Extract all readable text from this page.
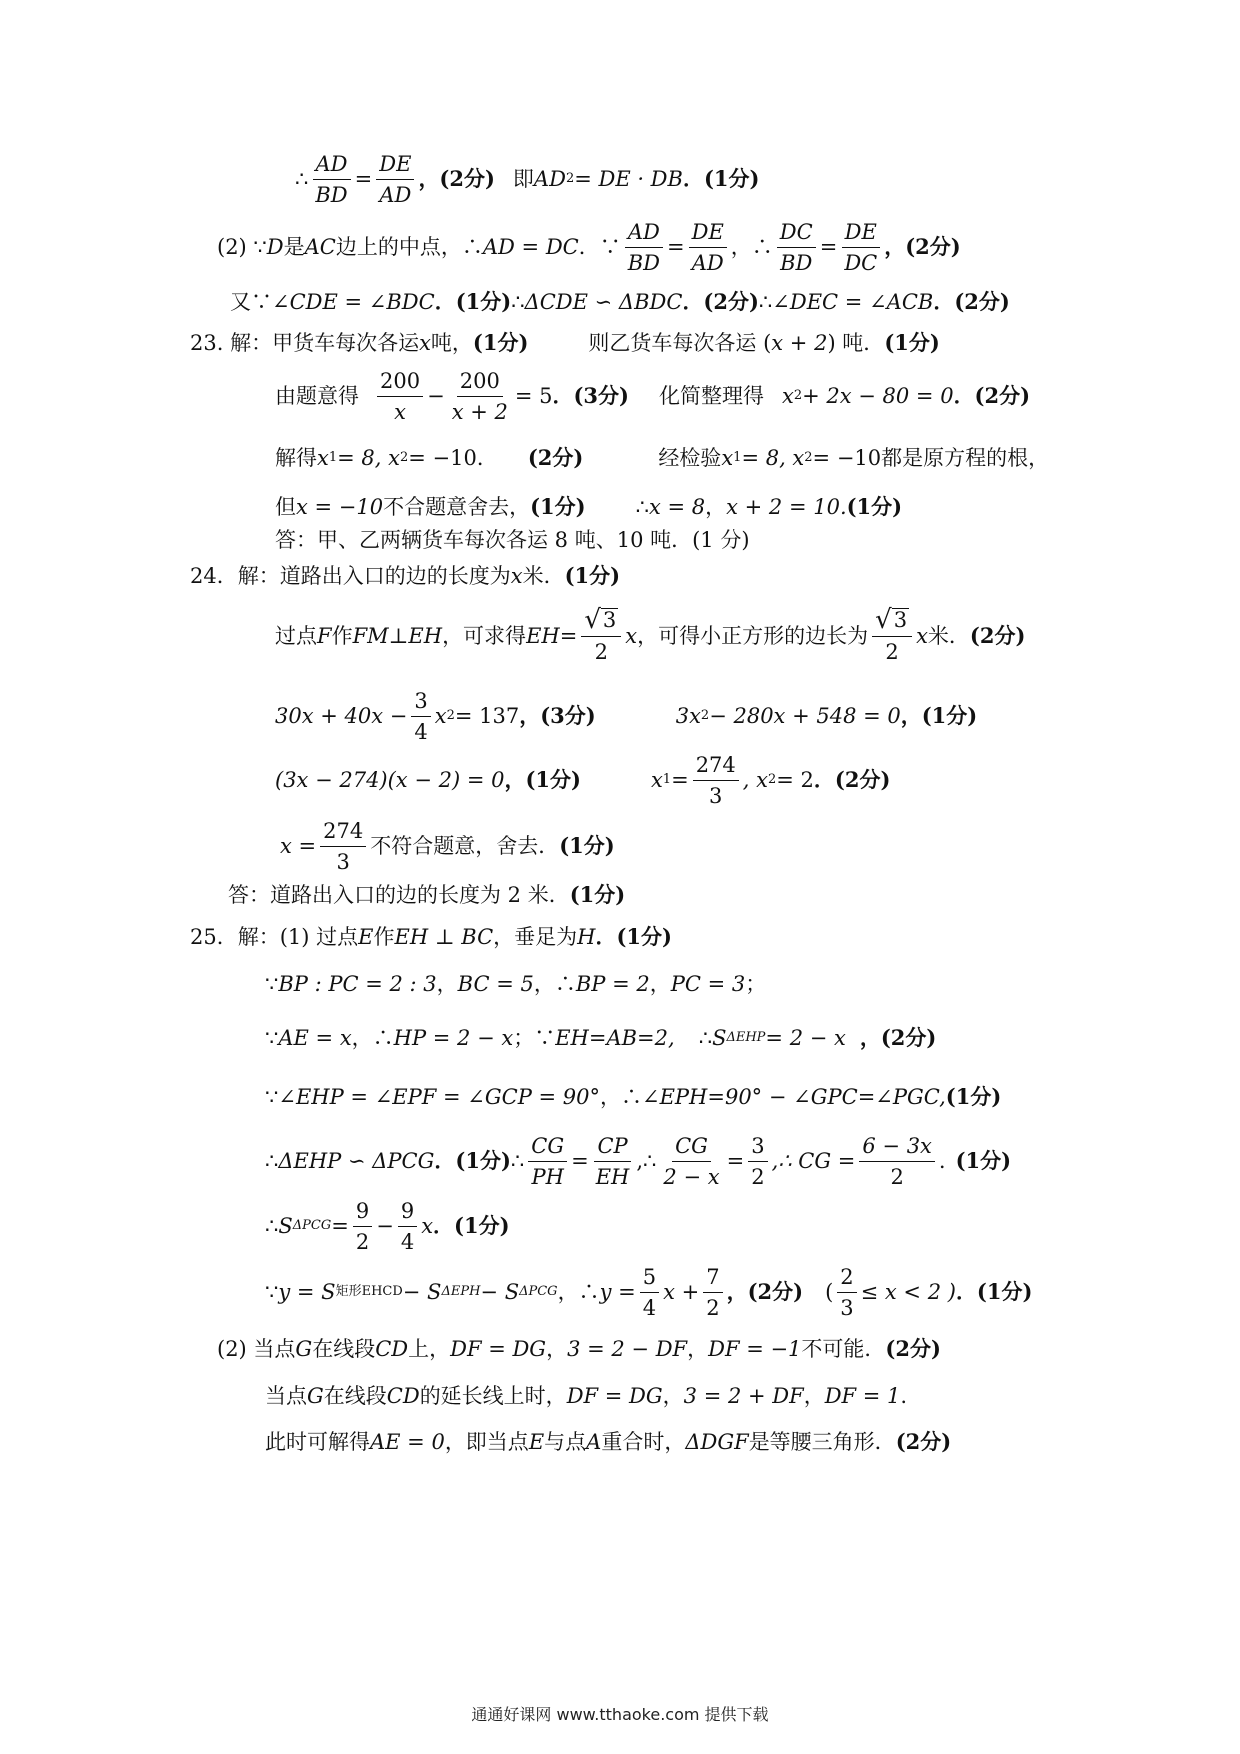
∴ $\frac{AD}{BD} = \frac{DE}{AD}$ ，(2分) 即 AD 2 = DE · DB ．(1分)
(2) ∵ D 是 AC 边上的中点，∴ AD = DC ．∵ $\frac{AD}{BD} = \frac{DE}{AD}$ ，∴ $\frac{DC}{BD} = \frac{DE}{DC}$ ，(2分)
又∵ ∠CDE = ∠BDC ．(1分) ∴ ΔCDE ∽ ΔBDC ．(2分) ∴ ∠DEC = ∠ACB ．(2分)
23. 解：甲货车每次各运 x 吨， (1分)	则乙货车每次各运 ( x + 2 ) 吨． (1分)
由题意得 $\frac{200}{x} - \frac{200}{x + 2} = 5$ ．(3分) 化简整理得 x 2 + 2x − 80 = 0 ．(2分)
解得 x 1 = 8, x 2 = −10 ． (2分)	经检验 x 1 = 8, x 2 = −10 都是原方程的根，
但 x = −10 不合题意舍去， (1分) ∴ x = 8 ， x + 2 = 10. (1分)
答：甲、乙两辆货车每次各运 8 吨、10 吨．(1 分)
24．解：道路出入口的边的长度为 x 米． (1分)
过点 F 作 FM ⊥ EH ，可求得 $EH= \frac{√ 3}{2}$ x ，可得小正方形的边长为 $\frac{√ 3}{2}$ x 米． (2分)
$30x + 40x - \frac{3}{4}$ x 2 = 137 ，(3分)	3x 2 − 280x + 548 = 0 ，(1分)
(3x − 274)(x − 2) = 0 ，(1分)	x $1 = \frac{274}{3}$ , x 2 = 2 ．(2分)
$x = \frac{274}{3}$ 不符合题意，舍去． (1分)
答：道路出入口的边的长度为 2 米． (1分)
25．解：(1) 过点 E 作 EH ⊥ BC ，垂足为 H ．(1分)
∵ BP : PC = 2 : 3 ， BC = 5 ，∴ BP = 2 ， PC = 3 ；
∵ AE = x ，∴ HP = 2 − x ；∵ EH=AB=2, ∴ S ΔEHP = 2 − x ，(2分)
∵ ∠EHP = ∠EPF = ∠GCP = 90° ，∴ ∠EPH=90° − ∠GPC=∠PGC, (1分)
∴ ΔEHP ∽ ΔPCG ．(1分) ∴ $\frac{CG}{PH} = \frac{CP}{EH}$ ,∴ $\frac{CG}{2 - x} = \frac{3}{2}$ ,∴ CG = $\frac{6 - 3x}{2}$ . (1分)
∴ S $\Delta PCG = \frac{9}{2} - \frac{9}{4}$ x ．(1分)
∵ y = S 矩形EHCD − S ΔEPH − S ΔPCG ，∴ $y = \frac{5}{4}$ $x + \frac{7}{2}$ ，(2分) ( $\frac{2}{3} \le x < 2$ ) ．(1分)
(2) 当点 G 在线段 CD 上， DF = DG ， 3 = 2 − DF ， DF = −1 不可能． (2分)
当点 G 在线段 CD 的延长线上时， DF = DG ， 3 = 2 + DF ， DF = 1 .
此时可解得 AE = 0 ，即当点 E 与点 A 重合时， ΔDGF 是等腰三角形． (2分)
通通好课网 www.tthaoke.com 提供下载
